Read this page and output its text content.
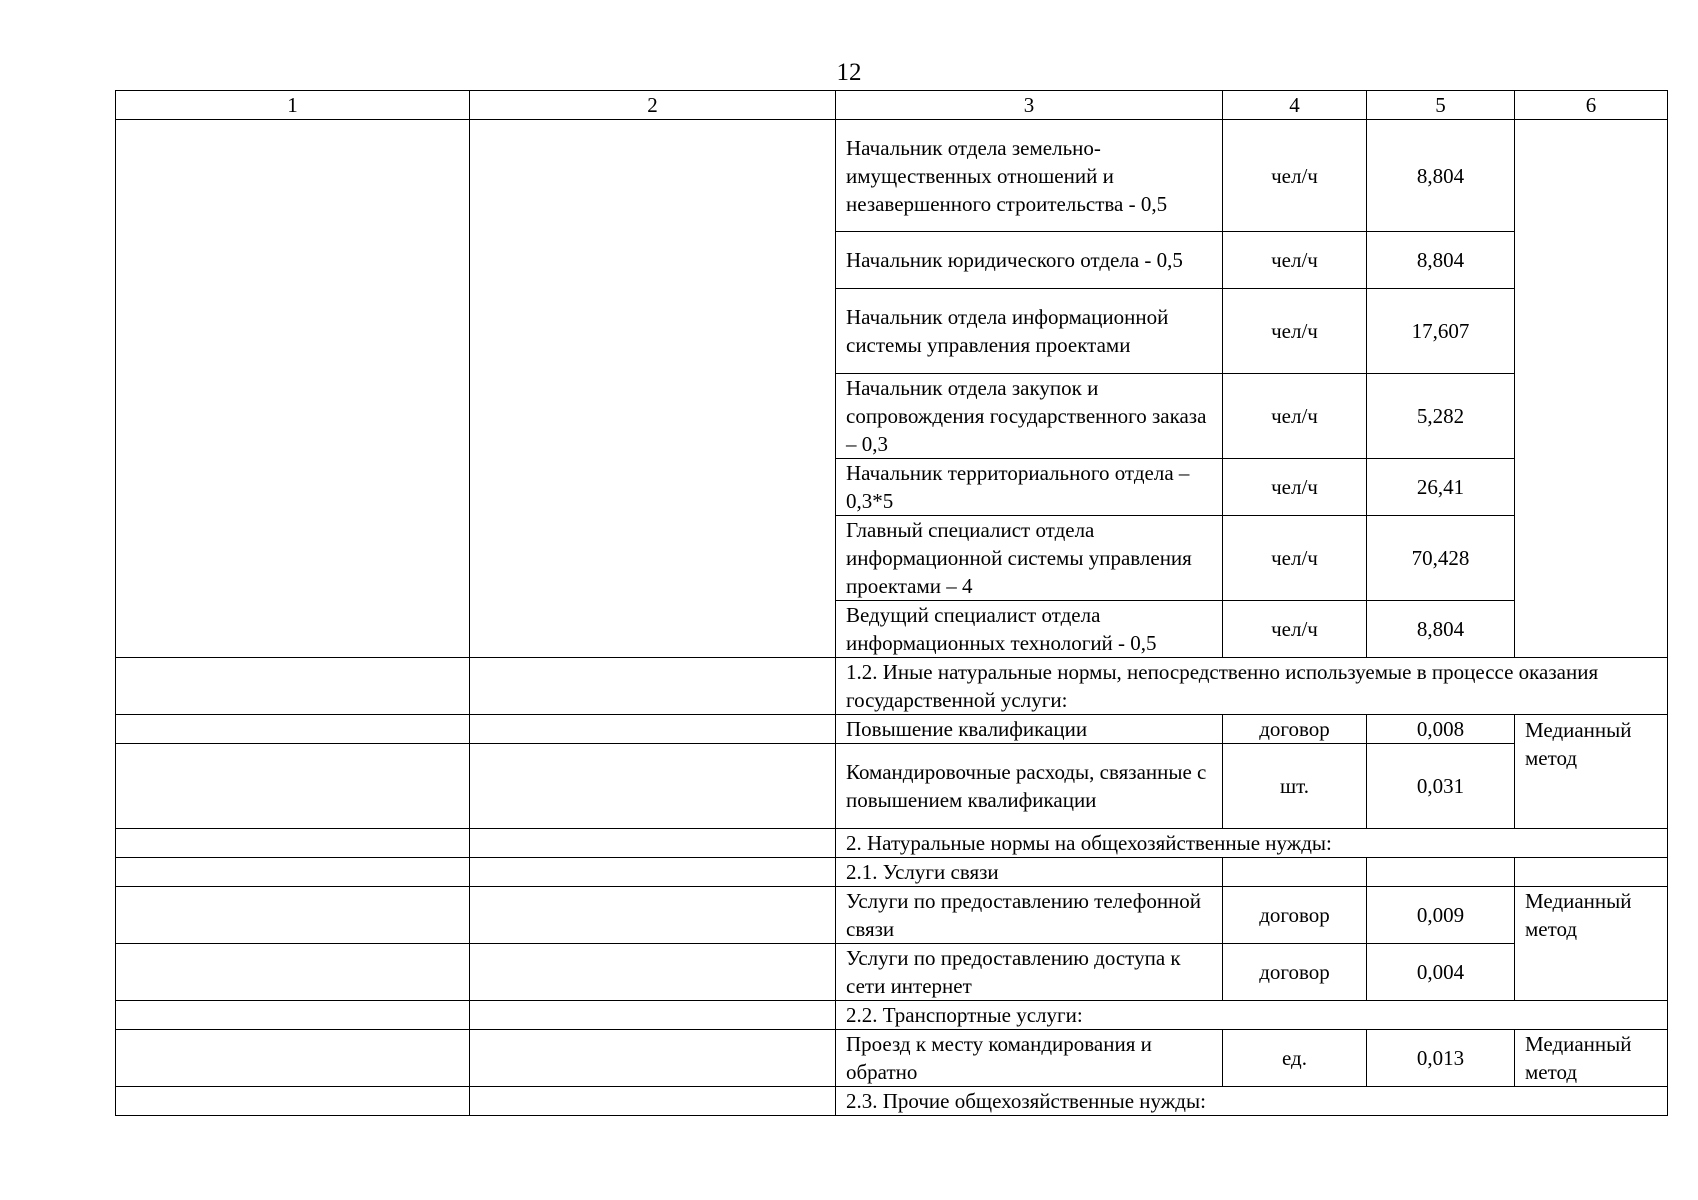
12
1	2	3	4	5	6
		Начальник отдела земельно-имущественных отношений и незавершенного строительства - 0,5	чел/ч	8,804	
		Начальник юридического отдела - 0,5	чел/ч	8,804	
		Начальник отдела информационной системы управления проектами	чел/ч	17,607	
		Начальник отдела закупок и сопровождения государственного заказа – 0,3	чел/ч	5,282	
		Начальник территориального отдела – 0,3*5	чел/ч	26,41	
		Главный специалист отдела информационной системы управления проектами – 4	чел/ч	70,428	
		Ведущий специалист отдела информационных технологий - 0,5	чел/ч	8,804	
		1.2. Иные натуральные нормы, непосредственно используемые в процессе оказания государственной услуги:			
		Повышение квалификации	договор	0,008	
		Командировочные расходы, связанные с повышением квалификации	шт.	0,031	Медианный метод

		2. Натуральные нормы на общехозяйственные нужды:			
		2.1. Услуги связи			
		Услуги по предоставлению телефонной связи	договор	0,009	Медианный метод
		Услуги по предоставлению доступа к сети интернет	договор	0,004	
		2.2. Транспортные услуги:			
		Проезд к месту командирования и обратно	ед.	0,013	Медианный метод
		2.3. Прочие общехозяйственные нужды:			
